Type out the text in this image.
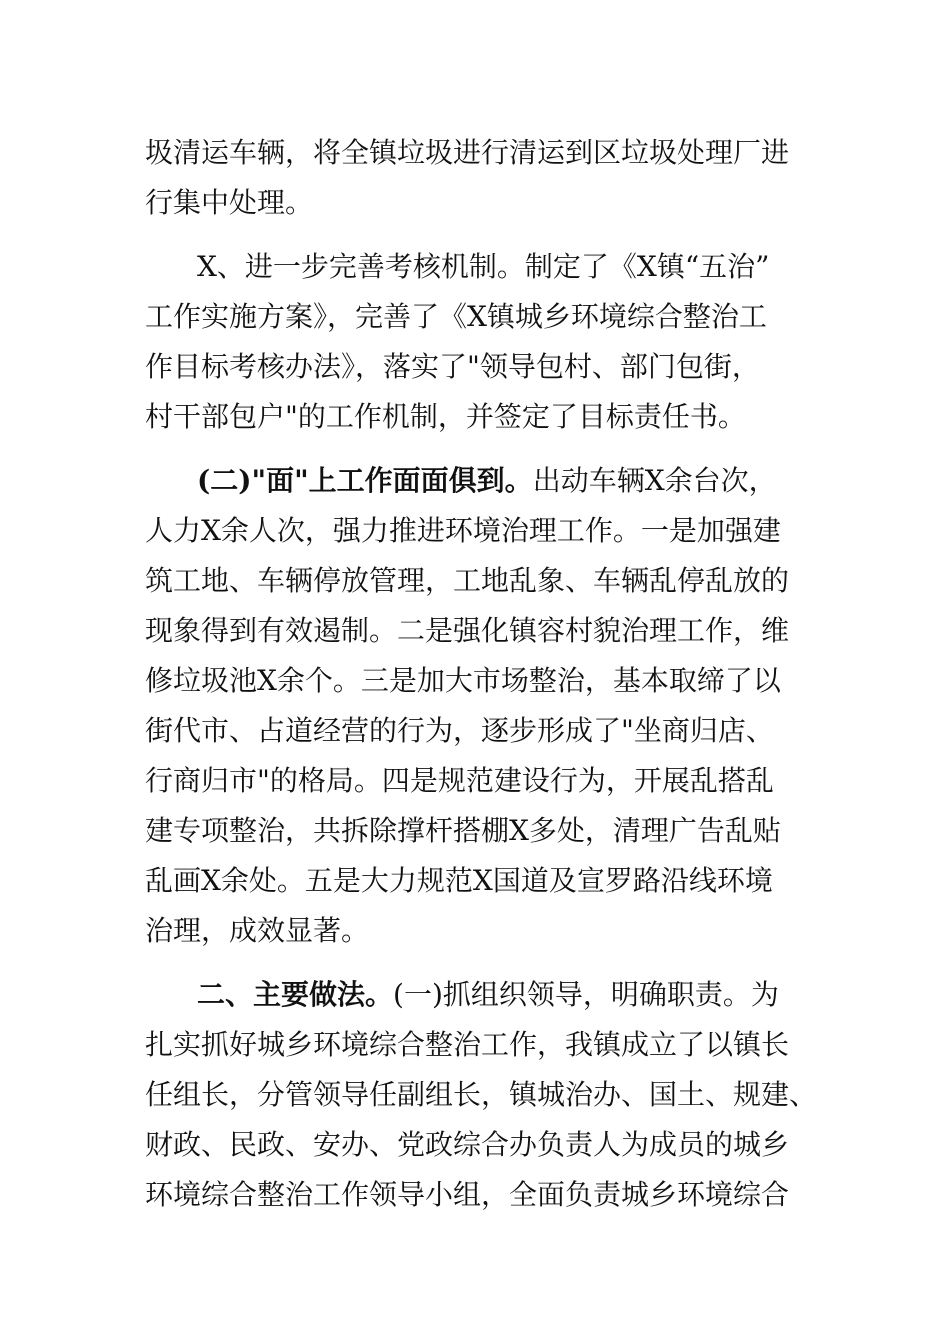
圾清运车辆，将全镇垃圾进行清运到区垃圾处理厂进
行集中处理。
X、进一步完善考核机制。制定了《X镇“五治”
工作实施方案》，完善了《X镇城乡环境综合整治工
作目标考核办法》，落实了"领导包村、部门包街，
村干部包户"的工作机制，并签定了目标责任书。
(二)"面"上工作面面俱到。出动车辆X余台次，
人力X余人次，强力推进环境治理工作。一是加强建
筑工地、车辆停放管理，工地乱象、车辆乱停乱放的
现象得到有效遏制。二是强化镇容村貌治理工作，维
修垃圾池X余个。三是加大市场整治，基本取缔了以
街代市、占道经营的行为，逐步形成了"坐商归店、
行商归市"的格局。四是规范建设行为，开展乱搭乱
建专项整治，共拆除撑杆搭棚X多处，清理广告乱贴
乱画X余处。五是大力规范X国道及宣罗路沿线环境
治理，成效显著。
二、主要做法。(一)抓组织领导，明确职责。为
扎实抓好城乡环境综合整治工作，我镇成立了以镇长
任组长，分管领导任副组长，镇城治办、国土、规建、
财政、民政、安办、党政综合办负责人为成员的城乡
环境综合整治工作领导小组，全面负责城乡环境综合
